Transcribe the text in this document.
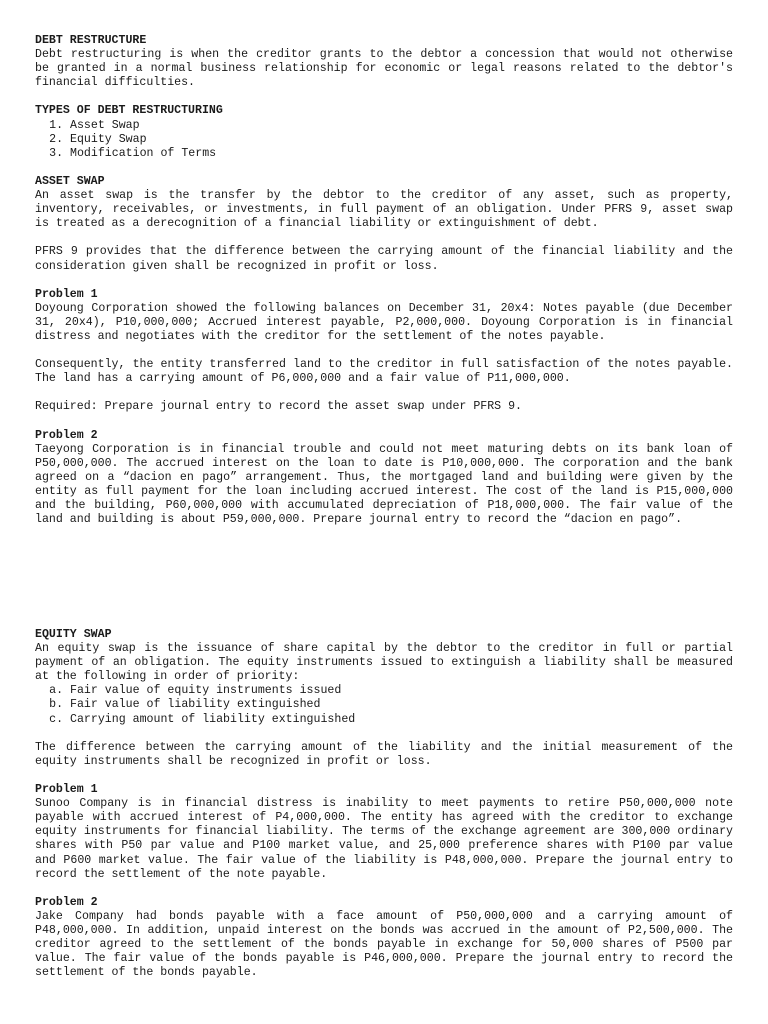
DEBT RESTRUCTURE

Debt restructuring is when the creditor grants to the debtor a concession that would not otherwise be granted in a normal business relationship for economic or legal reasons related to the debtor's financial difficulties.

TYPES OF DEBT RESTRUCTURING
1. Asset Swap
2. Equity Swap
3. Modification of Terms
ASSET SWAP

An asset swap is the transfer by the debtor to the creditor of any asset, such as property, inventory, receivables, or investments, in full payment of an obligation. Under PFRS 9, asset swap is treated as a derecognition of a financial liability or extinguishment of debt.

PFRS 9 provides that the difference between the carrying amount of the financial liability and the consideration given shall be recognized in profit or loss.

Problem 1

Doyoung Corporation showed the following balances on December 31, 20x4: Notes payable (due December 31, 20x4), P10,000,000; Accrued interest payable, P2,000,000. Doyoung Corporation is in financial distress and negotiates with the creditor for the settlement of the notes payable.

Consequently, the entity transferred land to the creditor in full satisfaction of the notes payable. The land has a carrying amount of P6,000,000 and a fair value of P11,000,000.

Required: Prepare journal entry to record the asset swap under PFRS 9.

Problem 2

Taeyong Corporation is in financial trouble and could not meet maturing debts on its bank loan of P50,000,000. The accrued interest on the loan to date is P10,000,000. The corporation and the bank agreed on a “dacion en pago” arrangement. Thus, the mortgaged land and building were given by the entity as full payment for the loan including accrued interest. The cost of the land is P15,000,000 and the building, P60,000,000 with accumulated depreciation of P18,000,000. The fair value of the land and building is about P59,000,000. Prepare journal entry to record the “dacion en pago”.

EQUITY SWAP

An equity swap is the issuance of share capital by the debtor to the creditor in full or partial payment of an obligation. The equity instruments issued to extinguish a liability shall be measured at the following in order of priority:

a. Fair value of equity instruments issued
b. Fair value of liability extinguished
c. Carrying amount of liability extinguished

The difference between the carrying amount of the liability and the initial measurement of the equity instruments shall be recognized in profit or loss.

Problem 1

Sunoo Company is in financial distress is inability to meet payments to retire P50,000,000 note payable with accrued interest of P4,000,000. The entity has agreed with the creditor to exchange equity instruments for financial liability. The terms of the exchange agreement are 300,000 ordinary shares with P50 par value and P100 market value, and 25,000 preference shares with P100 par value and P600 market value. The fair value of the liability is P48,000,000. Prepare the journal entry to record the settlement of the note payable.

Problem 2

Jake Company had bonds payable with a face amount of P50,000,000 and a carrying amount of P48,000,000. In addition, unpaid interest on the bonds was accrued in the amount of P2,500,000. The creditor agreed to the settlement of the bonds payable in exchange for 50,000 shares of P500 par value. The fair value of the bonds payable is P46,000,000. Prepare the journal entry to record the settlement of the bonds payable.
